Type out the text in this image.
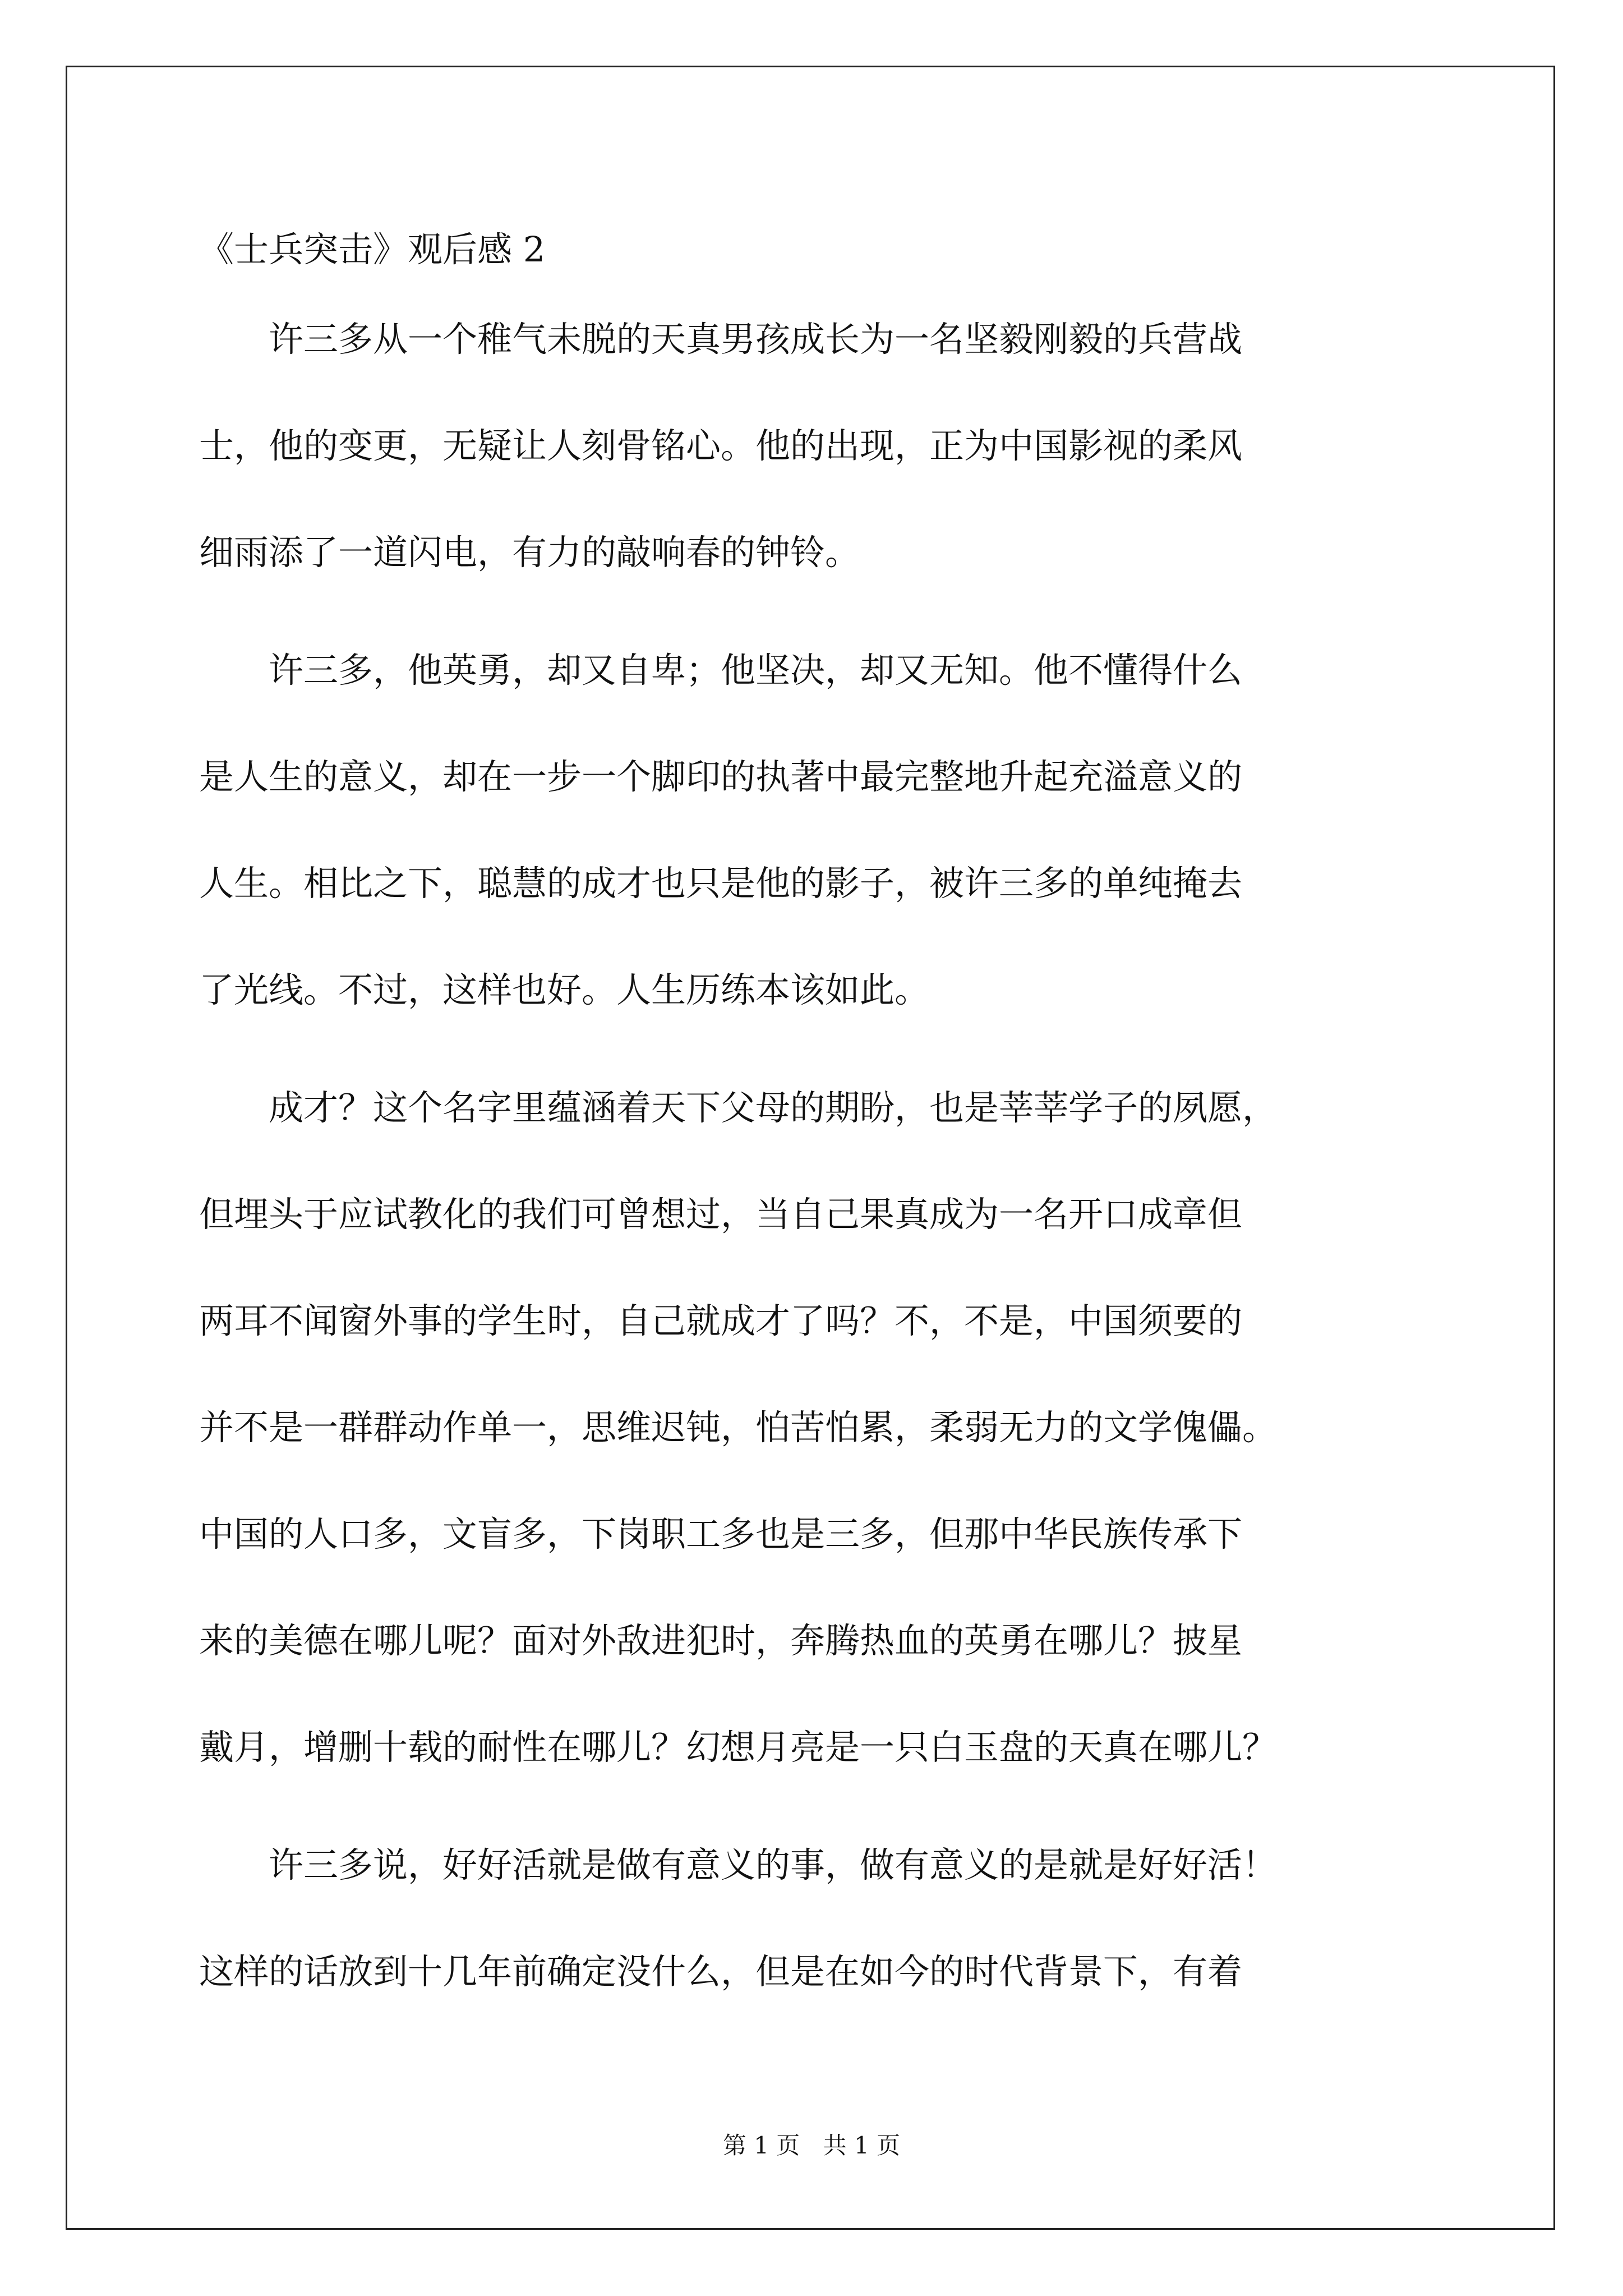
《士兵突击》观后感 2
　　许三多从一个稚气未脱的天真男孩成长为一名坚毅刚毅的兵营战
士，他的变更，无疑让人刻骨铭心。他的出现，正为中国影视的柔风
细雨添了一道闪电，有力的敲响春的钟铃。
　　许三多，他英勇，却又自卑；他坚决，却又无知。他不懂得什么
是人生的意义，却在一步一个脚印的执著中最完整地升起充溢意义的
人生。相比之下，聪慧的成才也只是他的影子，被许三多的单纯掩去
了光线。不过，这样也好。人生历练本该如此。
　　成才？这个名字里蕴涵着天下父母的期盼，也是莘莘学子的夙愿，
但埋头于应试教化的我们可曾想过，当自己果真成为一名开口成章但
两耳不闻窗外事的学生时，自己就成才了吗？不，不是，中国须要的
并不是一群群动作单一，思维迟钝，怕苦怕累，柔弱无力的文学傀儡。
中国的人口多，文盲多，下岗职工多也是三多，但那中华民族传承下
来的美德在哪儿呢？面对外敌进犯时，奔腾热血的英勇在哪儿？披星
戴月，增删十载的耐性在哪儿？幻想月亮是一只白玉盘的天真在哪儿？
　　许三多说，好好活就是做有意义的事，做有意义的是就是好好活！
这样的话放到十几年前确定没什么，但是在如今的时代背景下，有着
第 1 页 共 1 页
